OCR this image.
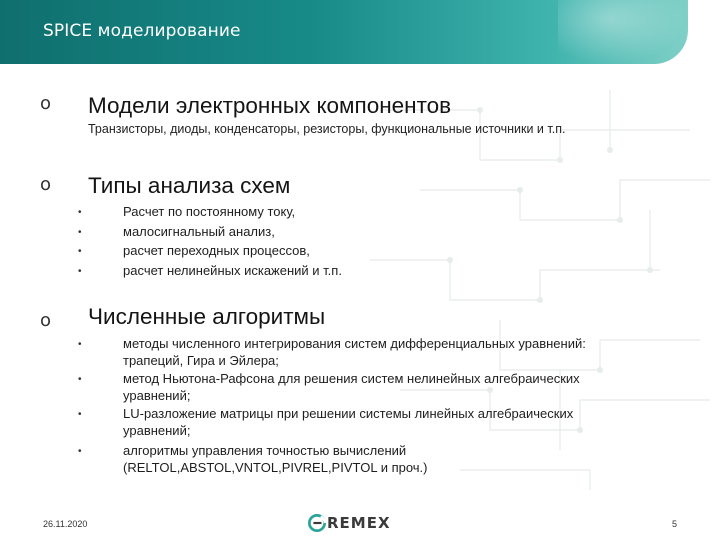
SPICE моделирование
o Модели электронных компонентов
Транзисторы, диоды, конденсаторы, резисторы, функциональные источники и т.п.
o Типы анализа схем
•	Расчет по постоянному току,
•	малосигнальный анализ,
•	расчет переходных процессов,
•	расчет нелинейных искажений и т.п.
o Численные алгоритмы
•	методы численного интегрирования систем дифференциальных уравнений:
трапеций, Гира и Эйлера;
•	метод Ньютона-Рафсона для решения систем нелинейных алгебраических
уравнений;
•	LU-разложение матрицы при решении системы линейных алгебраических
уравнений;
•	алгоритмы управления точностью вычислений
(RELTOL,ABSTOL,VNTOL,PIVREL,PIVTOL и проч.)
26.11.2020	REMEX	5
